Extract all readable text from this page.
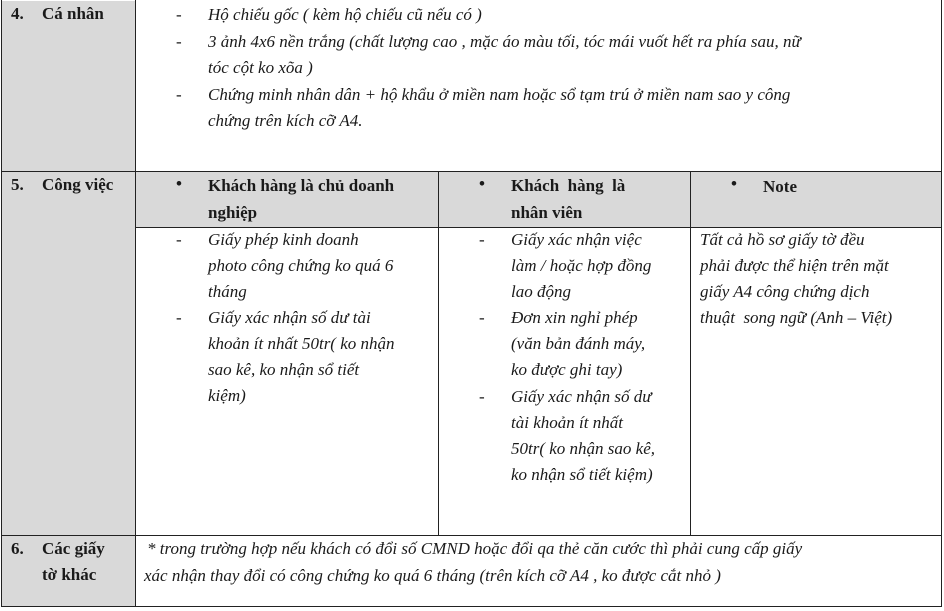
4. Cá nhân	- Hộ chiếu gốc ( kèm hộ chiếu cũ nếu có )
- 3 ảnh 4x6 nền trắng (chất lượng cao , mặc áo màu tối, tóc mái vuốt hết ra phía sau, nữ
tóc cột ko xõa )
- Chứng minh nhân dân + hộ khẩu ở miền nam hoặc sổ tạm trú ở miền nam sao y công
chứng trên kích cỡ A4.
5. Công việc	• Khách hàng là chủ doanh
nghiệp
• Khách  hàng  là
nhân viên
• Note
- Giấy phép kinh doanh
photo công chứng ko quá 6
tháng
- Giấy xác nhận số dư tài
khoản ít nhất 50tr( ko nhận
sao kê, ko nhận sổ tiết
kiệm)
- Giấy xác nhận việc
làm / hoặc hợp đồng
lao động
- Đơn xin nghỉ phép
(văn bản đánh máy,
ko được ghi tay)
- Giấy xác nhận số dư
tài khoản ít nhất
50tr( ko nhận sao kê,
ko nhận sổ tiết kiệm)
Tất cả hồ sơ giấy tờ đều
phải được thể hiện trên mặt
giấy A4 công chứng dịch
thuật  song ngữ (Anh – Việt)
6. Các giấy
tờ khác
* trong trường hợp nếu khách có đổi số CMND hoặc đổi qa thẻ căn cước thì phải cung cấp giấy
xác nhận thay đổi có công chứng ko quá 6 tháng (trên kích cỡ A4 , ko được cắt nhỏ )
